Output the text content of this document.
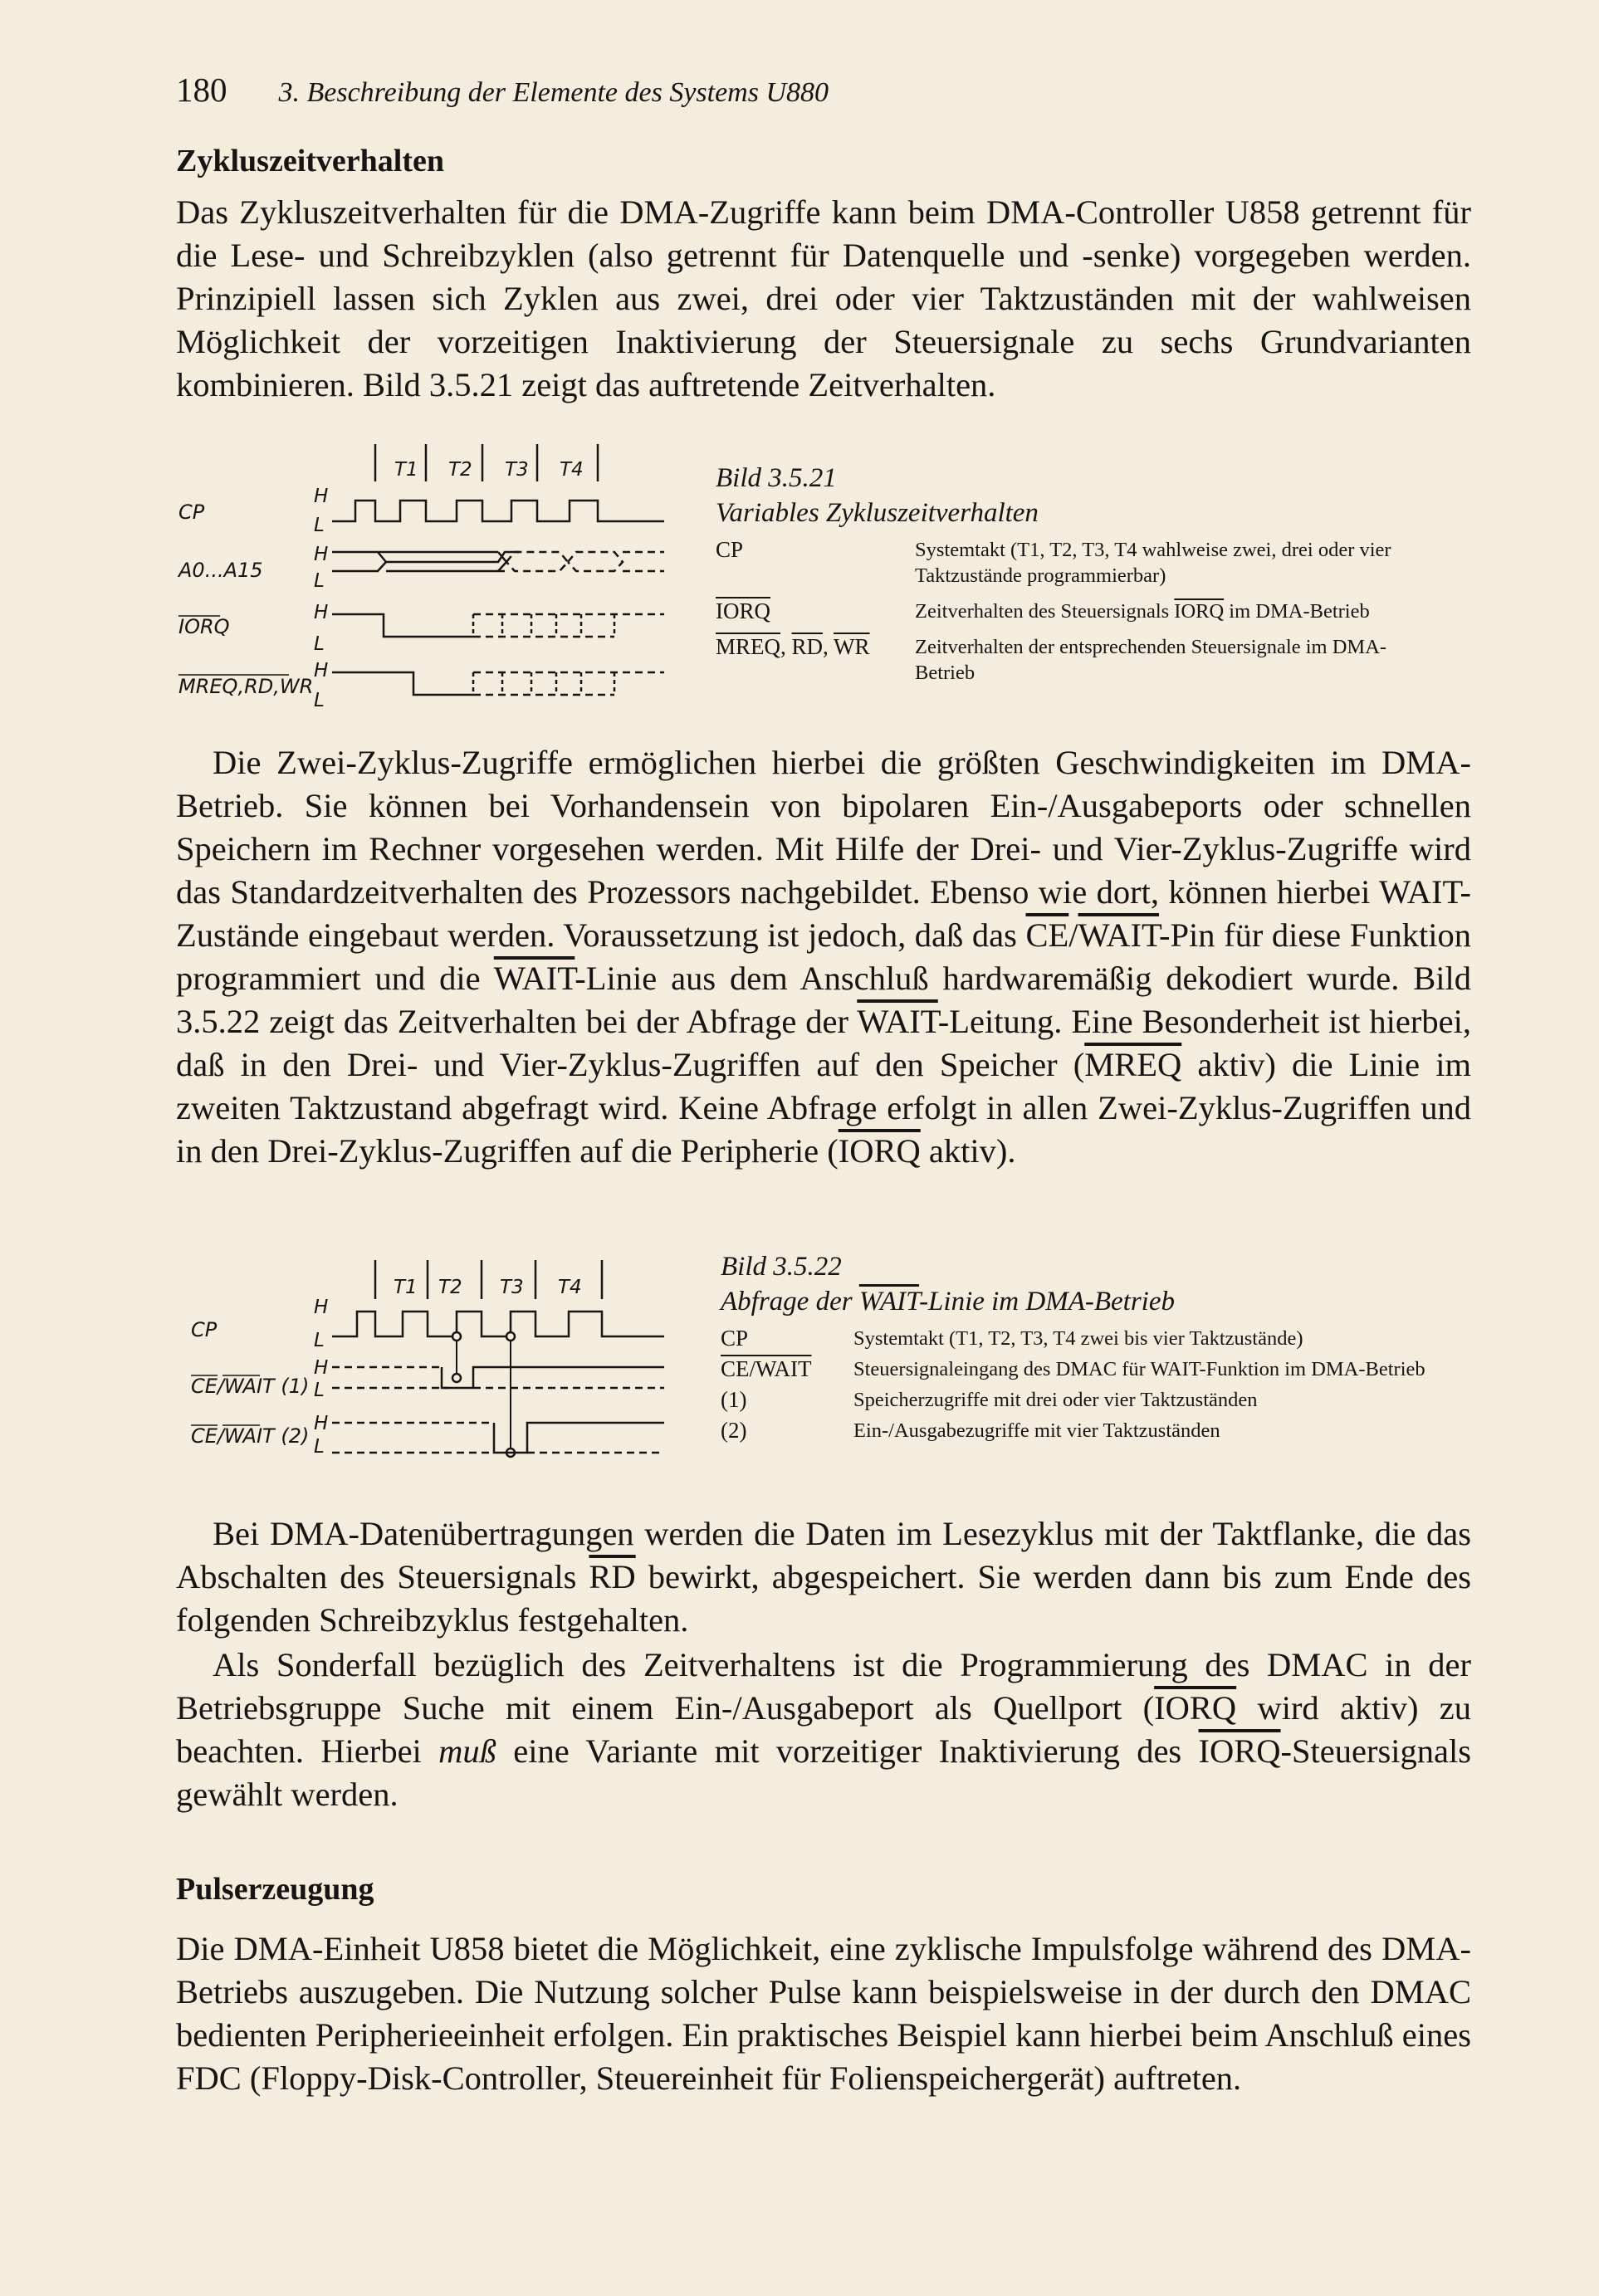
180 3. Beschreibung der Elemente des Systems U880
Zykluszeitverhalten

Das Zykluszeitverhalten für die DMA-Zugriffe kann beim DMA-Controller U858 getrennt für die Lese- und Schreibzyklen (also getrennt für Datenquelle und -senke) vorgegeben werden. Prinzipiell lassen sich Zyklen aus zwei, drei oder vier Taktzuständen mit der wahlweisen Möglichkeit der vorzeitigen Inaktivierung der Steuersignale zu sechs Grundvarianten kombinieren. Bild 3.5.21 zeigt das auftretende Zeitverhalten.

T1 T2 T3 T4
CP
A0...A15
IORQ
MREQ,RD,WR
H
L
H
L
H
L
H
L
Bild 3.5.21
Variables Zykluszeitverhalten
CP	Systemtakt (T1, T2, T3, T4 wahlweise zwei, drei oder vier Taktzustände programmierbar)
IORQ	Zeitverhalten des Steuersignals IORQ im DMA-Betrieb
MREQ, $\overline{RD}$, $\overline{WR}$	Zeitverhalten der entsprechenden Steuersignale im DMA-Betrieb

Die Zwei-Zyklus-Zugriffe ermöglichen hierbei die größten Geschwindigkeiten im DMA-Betrieb. Sie können bei Vorhandensein von bipolaren Ein-/Ausgabeports oder schnellen Speichern im Rechner vorgesehen werden. Mit Hilfe der Drei- und Vier-Zyklus-Zugriffe wird das Standardzeitverhalten des Prozessors nachgebildet. Ebenso wie dort, können hierbei WAIT-Zustände eingebaut werden. Voraussetzung ist jedoch, daß das $\overline{CE}/WAIT$-Pin für diese Funktion programmiert und die WAIT-Linie aus dem Anschluß hardwaremäßig dekodiert wurde. Bild 3.5.22 zeigt das Zeitverhalten bei der Abfrage der WAIT-Leitung. Eine Besonderheit ist hierbei, daß in den Drei- und Vier-Zyklus-Zugriffen auf den Speicher (MREQ aktiv) die Linie im zweiten Taktzustand abgefragt wird. Keine Abfrage erfolgt in allen Zwei-Zyklus-Zugriffen und in den Drei-Zyklus-Zugriffen auf die Peripherie (IORQ aktiv).

T1 T2 T3 T4
CP
CE/WAIT (1)
CE/WAIT (2)
H
L
H
L
H
L
Bild 3.5.22
Abfrage der WAIT-Linie im DMA-Betrieb
CP	Systemtakt (T1, T2, T3, T4 zwei bis vier Taktzustände)
CE/WAIT	Steuersignaleingang des DMAC für WAIT-Funktion im DMA-Betrieb
(1)	Speicherzugriffe mit drei oder vier Taktzuständen
(2)	Ein-/Ausgabezugriffe mit vier Taktzuständen

Bei DMA-Datenübertragungen werden die Daten im Lesezyklus mit der Taktflanke, die das Abschalten des Steuersignals $\overline{RD}$ bewirkt, abgespeichert. Sie werden dann bis zum Ende des folgenden Schreibzyklus festgehalten.

Als Sonderfall bezüglich des Zeitverhaltens ist die Programmierung des DMAC in der Betriebsgruppe Suche mit einem Ein-/Ausgabeport als Quellport (IORQ wird aktiv) zu beachten. Hierbei muß eine Variante mit vorzeitiger Inaktivierung des IORQ-Steuersignals gewählt werden.

Pulserzeugung

Die DMA-Einheit U858 bietet die Möglichkeit, eine zyklische Impulsfolge während des DMA-Betriebs auszugeben. Die Nutzung solcher Pulse kann beispielsweise in der durch den DMAC bedienten Peripherieeinheit erfolgen. Ein praktisches Beispiel kann hierbei beim Anschluß eines FDC (Floppy-Disk-Controller, Steuereinheit für Folienspeichergerät) auftreten.
